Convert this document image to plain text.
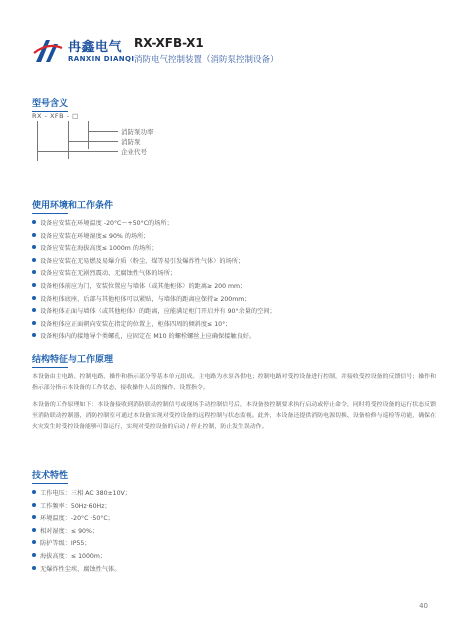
冉鑫电气
RANXIN DIANQI
RX-XFB-X1
消防电气控制装置（消防泵控制设备）
型号含义
RX - XFB - □
消防泵功率
消防泵
企业代号
使用环境和工作条件
设备应安装在环境温度 -20°C～+50°C的场所；
设备应安装在环境湿度≤ 90% 的场所；
设备应安装在海拔高度≤ 1000m 的场所；
设备应安装在无易燃及易爆介质（粉尘、煤等易引发爆炸性气体）的场所；
设备应安装在无剧烈震动、无腐蚀性气体的场所；
设备柜体前应为门，安装位置应与墙体（或其他柜体）的距离≥ 200 mm；
设备柜体底座、后部与其他柜体可以紧贴，与墙体的距离应保持≥ 200mm；
设备柜体正面与墙体（或其他柜体）的距离，应能满足柜门开启并有 90°余量的空间；
设备柜体应正面朝向安装在指定的位置上，柜体四周的倾斜度≤ 10°；
设备柜体内的接地导个类螺孔，应固定在 M10 的螺栓螺丝上应确保接触良好。
结构特征与工作原理

本设备由主电路、控制电路、操作和指示部分等基本单元组成。主电路为水泵各供电；控制电路对受控设备进行控制，并接收受控设备的反馈信号；操作和指示部分指示本设备的工作状态，接收操作人员的操作、设置指令。

本设备的工作原理如下：本设备接收到消防联动控制信号或现场手动控制信号后，本设备按控制要求执行启动或停止命令，同时将受控设备的运行状态反馈至消防联动控制器，消防控制室可通过本设备实现对受控设备的远程控制与状态监视。此外，本设备还提供消防电源切换、设备检修与巡检等功能，确保在火灾发生时受控设备能够可靠运行，实现对受控设备的启动 / 停止控制，防止发生误动作。

技术特性
工作电压：三相 AC 380±10V；
工作频率：50Hz·60Hz；
环境温度：-20°C ·50°C；
相对湿度：≤ 90%；
防护等级：IP55；
海拔高度：≤ 1000m；
无爆炸性尘埃、腐蚀性气体。
40
